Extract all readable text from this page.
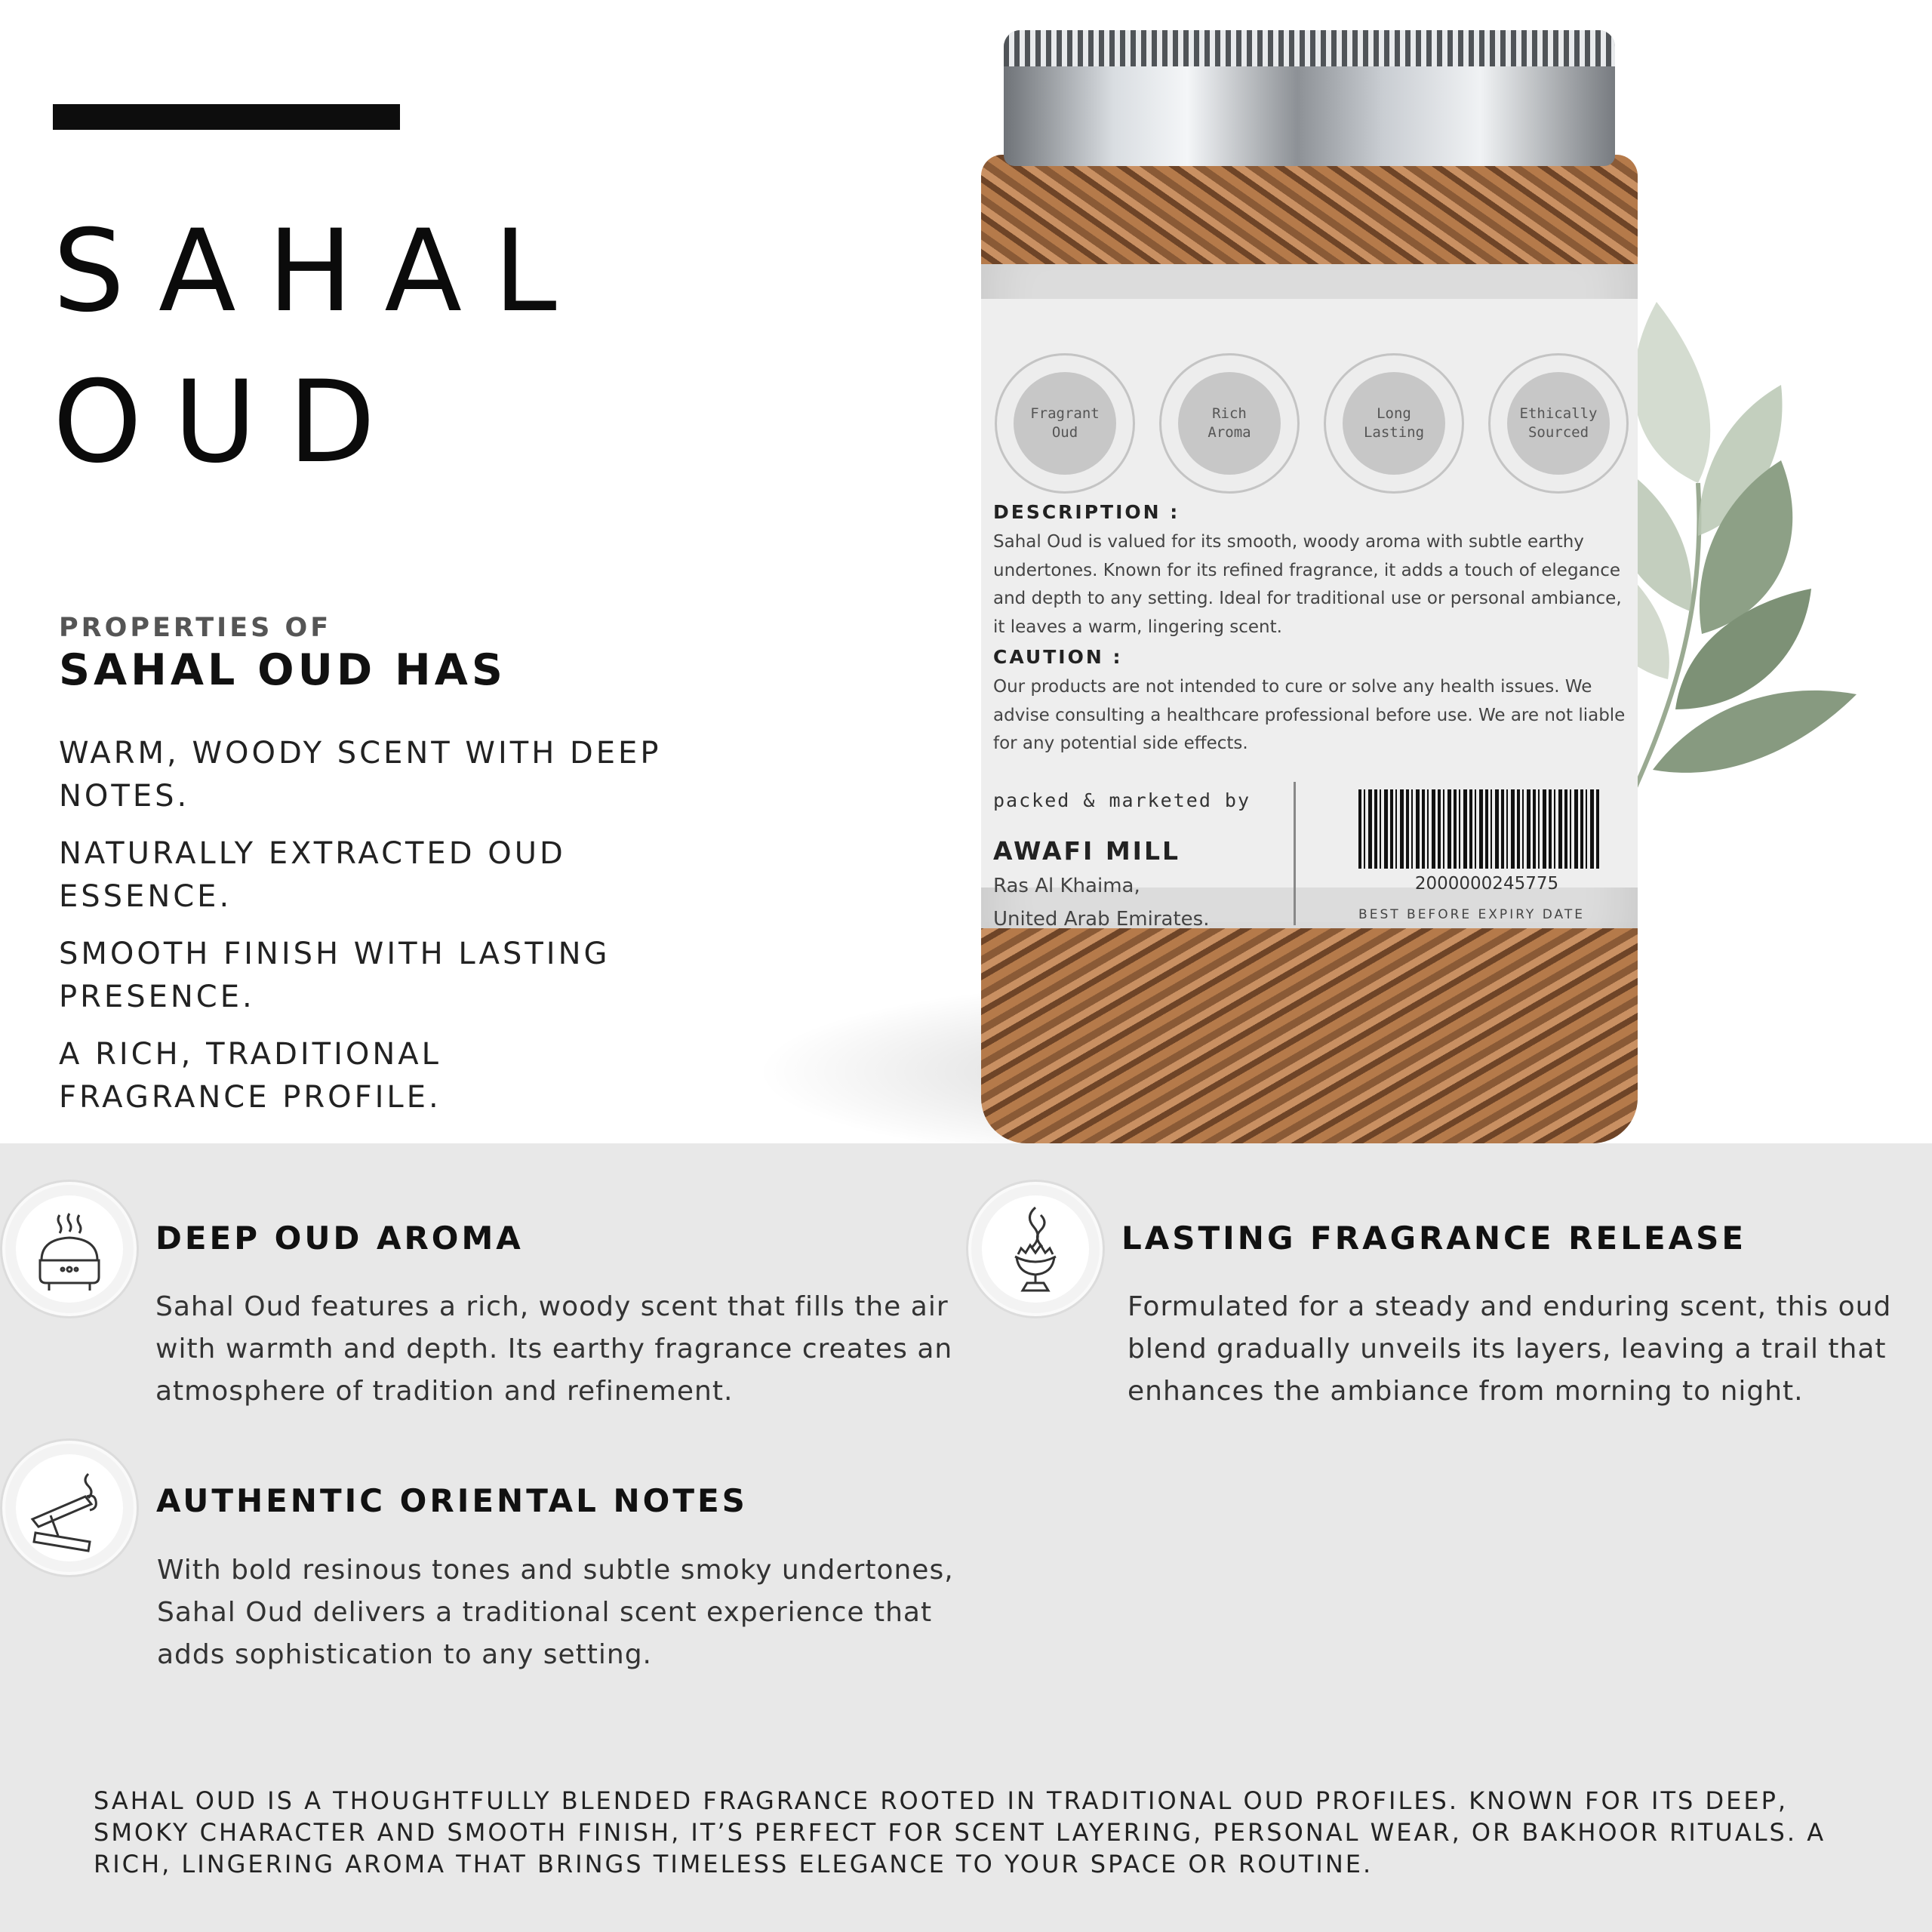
SAHAL
OUD
PROPERTIES OF
SAHAL OUD HAS
WARM, WOODY SCENT WITH DEEP NOTES.
NATURALLY EXTRACTED OUD ESSENCE.
SMOOTH FINISH WITH LASTING PRESENCE.
A RICH, TRADITIONAL FRAGRANCE PROFILE.
Fragrant
Oud
Rich
Aroma
Long
Lasting
Ethically
Sourced
DESCRIPTION :

Sahal Oud is valued for its smooth, woody aroma with subtle earthy undertones. Known for its refined fragrance, it adds a touch of elegance and depth to any setting. Ideal for traditional use or personal ambiance, it leaves a warm, lingering scent.

CAUTION :

Our products are not intended to cure or solve any health issues. We advise consulting a healthcare professional before use. We are not liable for any potential side effects.

packed & marketed by
AWAFI MILL
Ras Al Khaima,
United Arab Emirates.
2000000245775
BEST BEFORE EXPIRY DATE
DEEP OUD AROMA

Sahal Oud features a rich, woody scent that fills the air with warmth and depth. Its earthy fragrance creates an atmosphere of tradition and refinement.

LASTING FRAGRANCE RELEASE

Formulated for a steady and enduring scent, this oud blend gradually unveils its layers, leaving a trail that enhances the ambiance from morning to night.

AUTHENTIC ORIENTAL NOTES

With bold resinous tones and subtle smoky undertones, Sahal Oud delivers a traditional scent experience that adds sophistication to any setting.

SAHAL OUD IS A THOUGHTFULLY BLENDED FRAGRANCE ROOTED IN TRADITIONAL OUD PROFILES. KNOWN FOR ITS DEEP, SMOKY CHARACTER AND SMOOTH FINISH, IT’S PERFECT FOR SCENT LAYERING, PERSONAL WEAR, OR BAKHOOR RITUALS. A RICH, LINGERING AROMA THAT BRINGS TIMELESS ELEGANCE TO YOUR SPACE OR ROUTINE.
